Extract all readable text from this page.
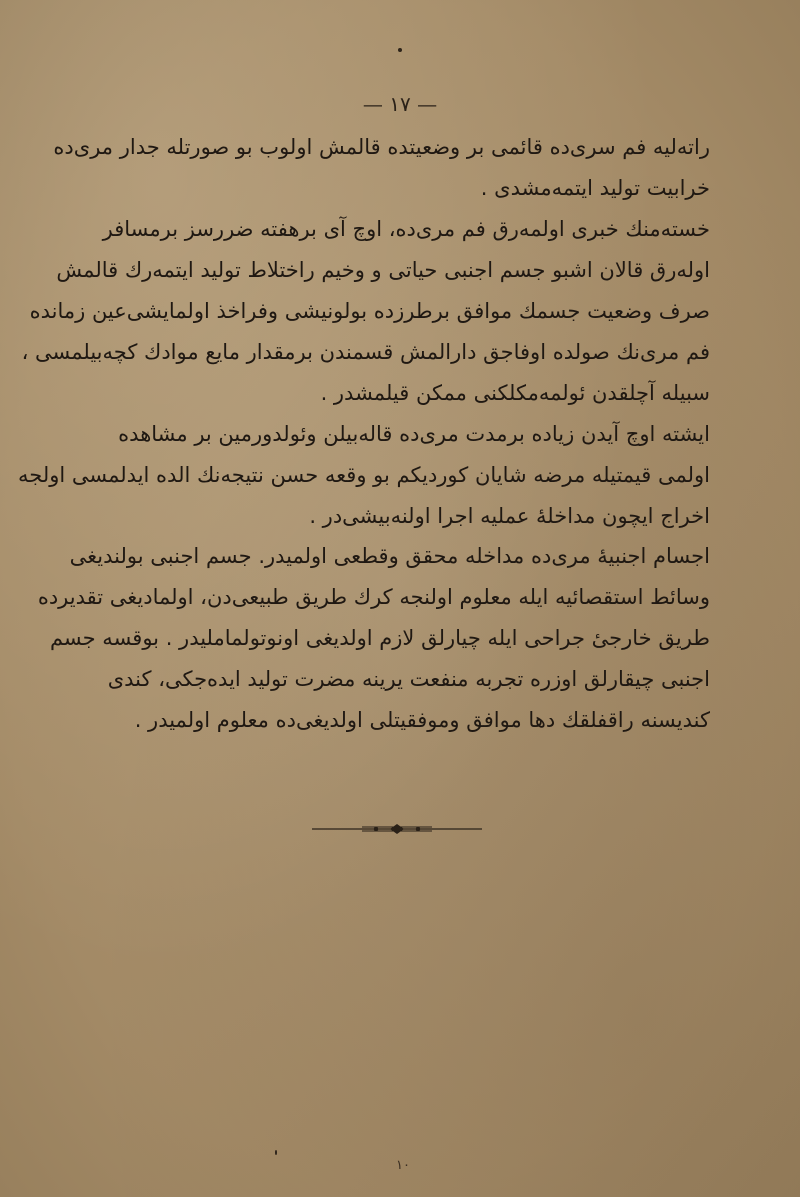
— ١٧ —

راتەليه فم سرى‌ده قائمى بر وضعيتده قالمش اولوب بو صورتله جدار مرى‌ده
خرابيت توليد ايتمه‌مشدى .

خسته‌منك خبرى اولمه‌رق فم مرى‌ده، اوچ آى برهفته ضررسز برمسافر
اوله‌رق قالان اشبو جسم اجنبى حياتى و وخيم راختلاط توليد ايتمه‌رك قالمش
صرف وضعيت جسمك موافق برطرزده بولونيشى وفراخذ اولمايشى‌عين زمانده
فم مرى‌نك صولده اوفاجق دارالمش قسمندن برمقدار مايع موادك كچه‌بيلمسى ،
سبيله آچلقدن ئولمه‌مكلكنى ممكن قيلمشدر .

ايشته اوچ آيدن زياده برمدت مرى‌ده قالەبيلن وئولدورمين بر مشاهده
اولمى قيمتيله مرضه شايان كورديكم بو وقعه حسن نتيجه‌نك الده ايدلمسى اولجه
اخراج ايچون مداخله‌ٔ عمليه اجرا اولنه‌بيشى‌در .

اجسام اجنبيهٔ مرى‌ده مداخله محقق وقطعى اولميدر. جسم اجنبى بولنديغى
وسائط استقصائيه ايله معلوم اولنجه كرك طريق طبيعى‌دن، اولماديغى تقديرده
طريق خارجىٔ جراحى ايله چيارلق لازم اولديغى اونوتولماملیدر . بوقسه جسم
اجنبى چيقارلق اوزره تجربه منفعت يرينه مضرت توليد ايده‌جكى، كندى
كنديسنه راقفلقك دها موافق وموفقيتلى اولديغى‌ده معلوم اولميدر .

١٠
